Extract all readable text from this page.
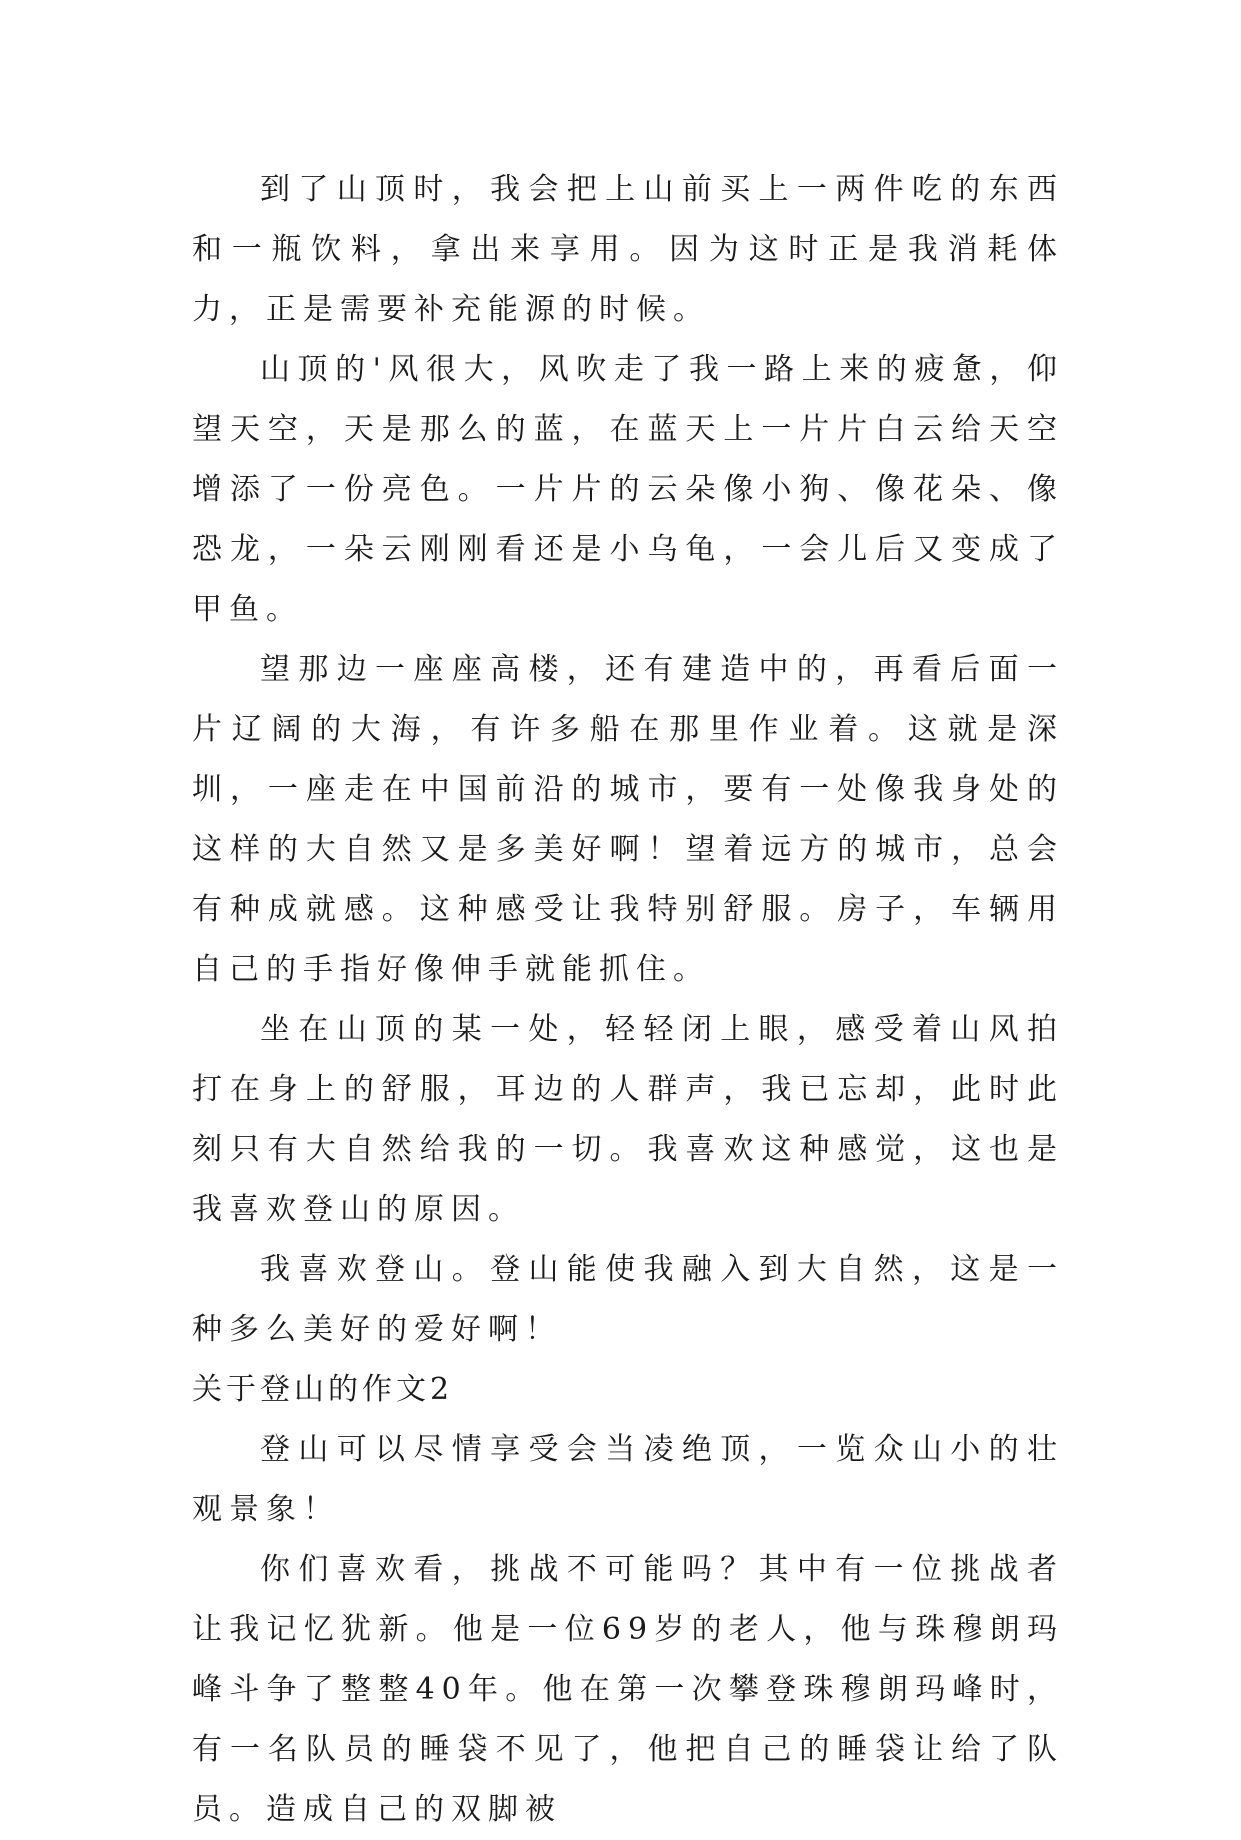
到了山顶时，我会把上山前买上一两件吃的东西和一瓶饮料，拿出来享用。因为这时正是我消耗体力，正是需要补充能源的时候。

山顶的'风很大，风吹走了我一路上来的疲惫，仰望天空，天是那么的蓝，在蓝天上一片片白云给天空增添了一份亮色。一片片的云朵像小狗、像花朵、像恐龙，一朵云刚刚看还是小乌龟，一会儿后又变成了甲鱼。

望那边一座座高楼，还有建造中的，再看后面一片辽阔的大海，有许多船在那里作业着。这就是深圳，一座走在中国前沿的城市，要有一处像我身处的这样的大自然又是多美好啊！望着远方的城市，总会有种成就感。这种感受让我特别舒服。房子，车辆用自己的手指好像伸手就能抓住。

坐在山顶的某一处，轻轻闭上眼，感受着山风拍打在身上的舒服，耳边的人群声，我已忘却，此时此刻只有大自然给我的一切。我喜欢这种感觉，这也是我喜欢登山的原因。

我喜欢登山。登山能使我融入到大自然，这是一种多么美好的爱好啊！

关于登山的作文2

登山可以尽情享受会当凌绝顶，一览众山小的壮观景象！

你们喜欢看，挑战不可能吗？其中有一位挑战者让我记忆犹新。他是一位69岁的老人，他与珠穆朗玛峰斗争了整整40年。他在第一次攀登珠穆朗玛峰时，有一名队员的睡袋不见了，他把自己的睡袋让给了队员。造成自己的双脚被
